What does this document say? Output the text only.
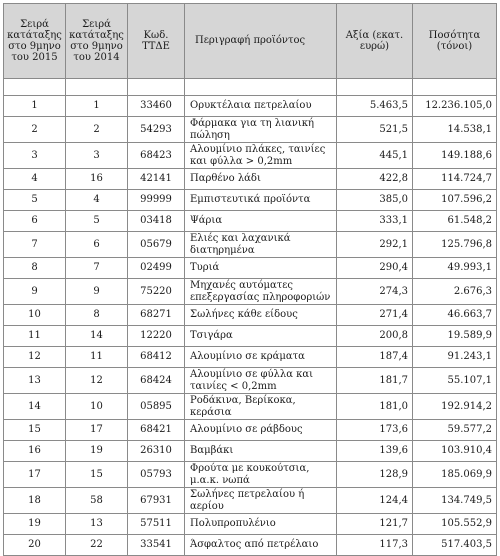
Σειρά κατάταξης στο 9μηνο του 2015	Σειρά κατάταξης στο 9μηνο του 2014	Κωδ. ΤΤΔΕ	Περιγραφή προϊόντος	Αξία (εκατ. ευρώ)	Ποσότητα (τόνοι)

1	1	33460	Ορυκτέλαια πετρελαίου	5.463,5	12.236.105,0
2	2	54293	Φάρμακα για τη λιανική πώληση	521,5	14.538,1
3	3	68423	Αλουμίνιο πλάκες, ταινίες και φύλλα > 0,2mm	445,1	149.188,6
4	16	42141	Παρθένο λάδι	422,8	114.724,7
5	4	99999	Εμπιστευτικά προϊόντα	385,0	107.596,2
6	5	03418	Ψάρια	333,1	61.548,2
7	6	05679	Ελιές και λαχανικά διατηρημένα	292,1	125.796,8
8	7	02499	Τυριά	290,4	49.993,1
9	9	75220	Μηχανές αυτόματες επεξεργασίας πληροφοριών	274,3	2.676,3
10	8	68271	Σωλήνες κάθε είδους	271,4	46.663,7
11	14	12220	Τσιγάρα	200,8	19.589,9
12	11	68412	Αλουμίνιο σε κράματα	187,4	91.243,1
13	12	68424	Αλουμίνιο σε φύλλα και ταινίες < 0,2mm	181,7	55.107,1
14	10	05895	Ροδάκινα, Βερίκοκα, κεράσια	181,0	192.914,2
15	17	68421	Αλουμίνιο σε ράβδους	173,6	59.577,2
16	19	26310	Βαμβάκι	139,6	103.910,4
17	15	05793	Φρούτα με κουκούτσια, μ.α.κ. νωπά	128,9	185.069,9
18	58	67931	Σωλήνες πετρελαίου ή αερίου	124,4	134.749,5
19	13	57511	Πολυπροπυλένιο	121,7	105.552,9
20	22	33541	Άσφαλτος από πετρέλαιο	117,3	517.403,5
